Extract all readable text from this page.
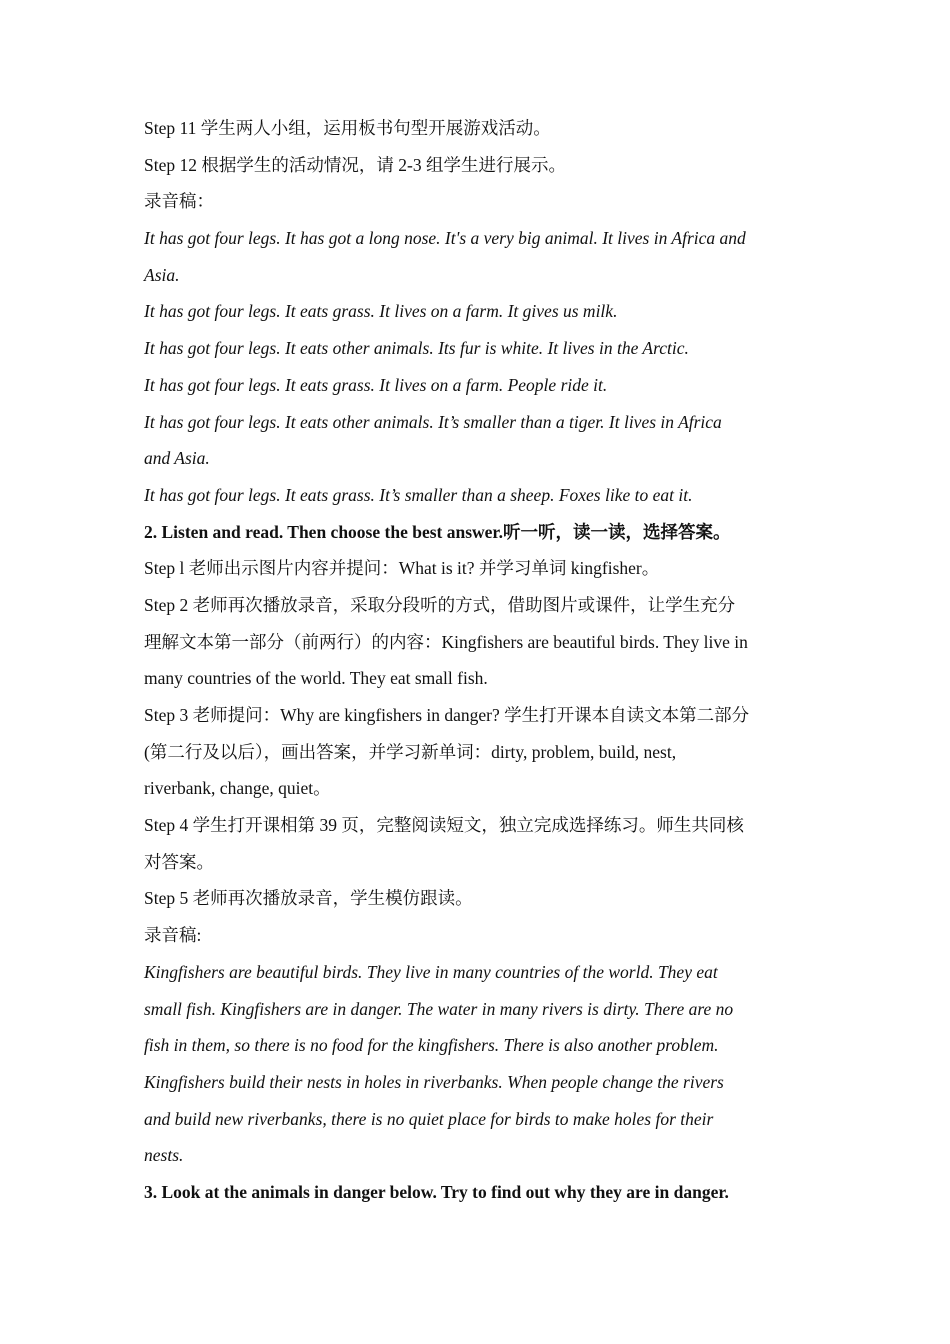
Step 11 学生两人小组，运用板书句型开展游戏活动。
Step 12 根据学生的活动情况，请 2-3 组学生进行展示。
录音稿：
It has got four legs. It has got a long nose. It's a very big animal. It lives in Africa and
Asia.
It has got four legs. It eats grass. It lives on a farm. It gives us milk.
It has got four legs. It eats other animals. Its fur is white. It lives in the Arctic.
It has got four legs. It eats grass. It lives on a farm. People ride it.
It has got four legs. It eats other animals. It’s smaller than a tiger. It lives in Africa
and Asia.
It has got four legs. It eats grass. It’s smaller than a sheep. Foxes like to eat it.
2. Listen and read. Then choose the best answer.听一听，读一读，选择答案。
Step l 老师出示图片内容并提问：What is it? 并学习单词 kingfisher。
Step 2 老师再次播放录音，采取分段听的方式，借助图片或课件，让学生充分
理解文本第一部分（前两行）的内容：Kingfishers are beautiful birds. They live in
many countries of the world. They eat small fish.
Step 3 老师提问：Why are kingfishers in danger? 学生打开课本自读文本第二部分
(第二行及以后），画出答案，并学习新单词：dirty, problem, build, nest,
riverbank, change, quiet。
Step 4 学生打开课相第 39 页，完整阅读短文，独立完成选择练习。师生共同核
对答案。
Step 5 老师再次播放录音，学生模仿跟读。
录音稿:
Kingfishers are beautiful birds. They live in many countries of the world. They eat
small fish. Kingfishers are in danger. The water in many rivers is dirty. There are no
fish in them, so there is no food for the kingfishers. There is also another problem.
Kingfishers build their nests in holes in riverbanks. When people change the rivers
and build new riverbanks, there is no quiet place for birds to make holes for their
nests.
3. Look at the animals in danger below. Try to find out why they are in danger.
